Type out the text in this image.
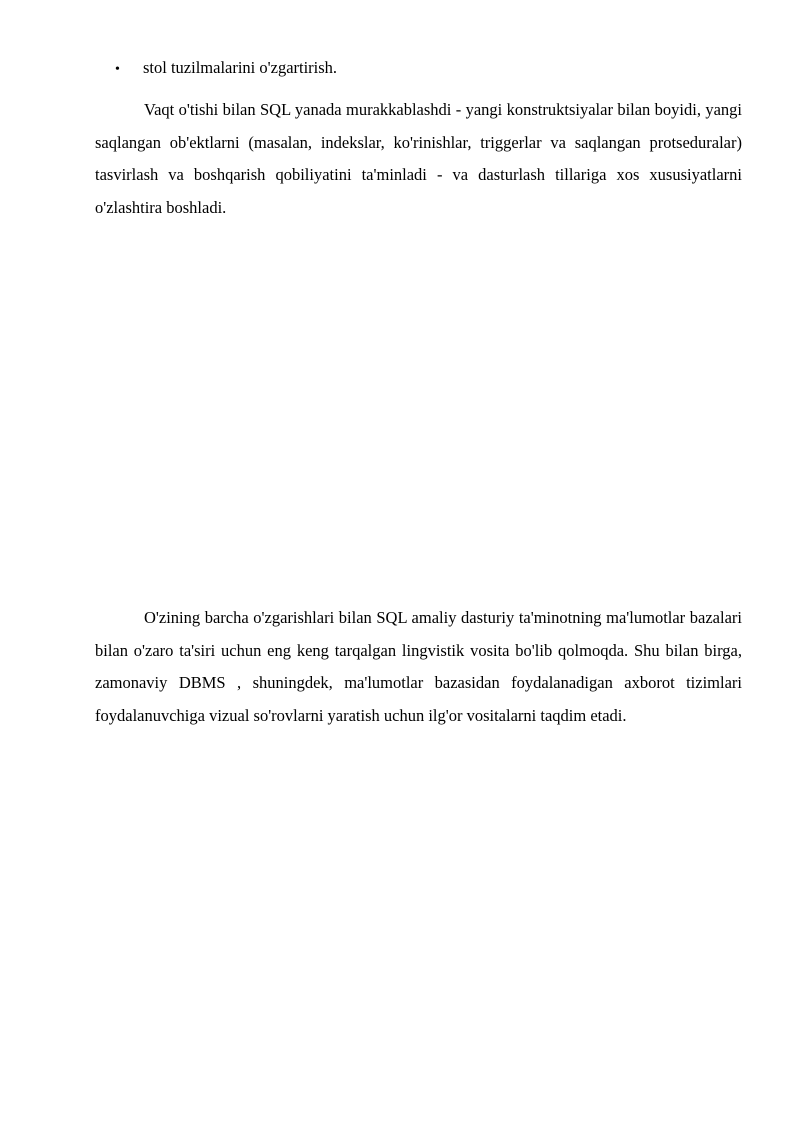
•	stol tuzilmalarini o'zgartirish.

Vaqt o'tishi bilan SQL yanada murakkablashdi - yangi konstruktsiyalar bilan boyidi, yangi saqlangan ob'ektlarni (masalan, indekslar, ko'rinishlar, triggerlar va saqlangan protseduralar) tasvirlash va boshqarish qobiliyatini ta'minladi - va dasturlash tillariga xos xususiyatlarni o'zlashtira boshladi.

O'zining barcha o'zgarishlari bilan SQL amaliy dasturiy ta'minotning ma'lumotlar bazalari bilan o'zaro ta'siri uchun eng keng tarqalgan lingvistik vosita bo'lib qolmoqda. Shu bilan birga, zamonaviy DBMS , shuningdek, ma'lumotlar bazasidan foydalanadigan axborot tizimlari foydalanuvchiga vizual so'rovlarni yaratish uchun ilg'or vositalarni taqdim etadi.
